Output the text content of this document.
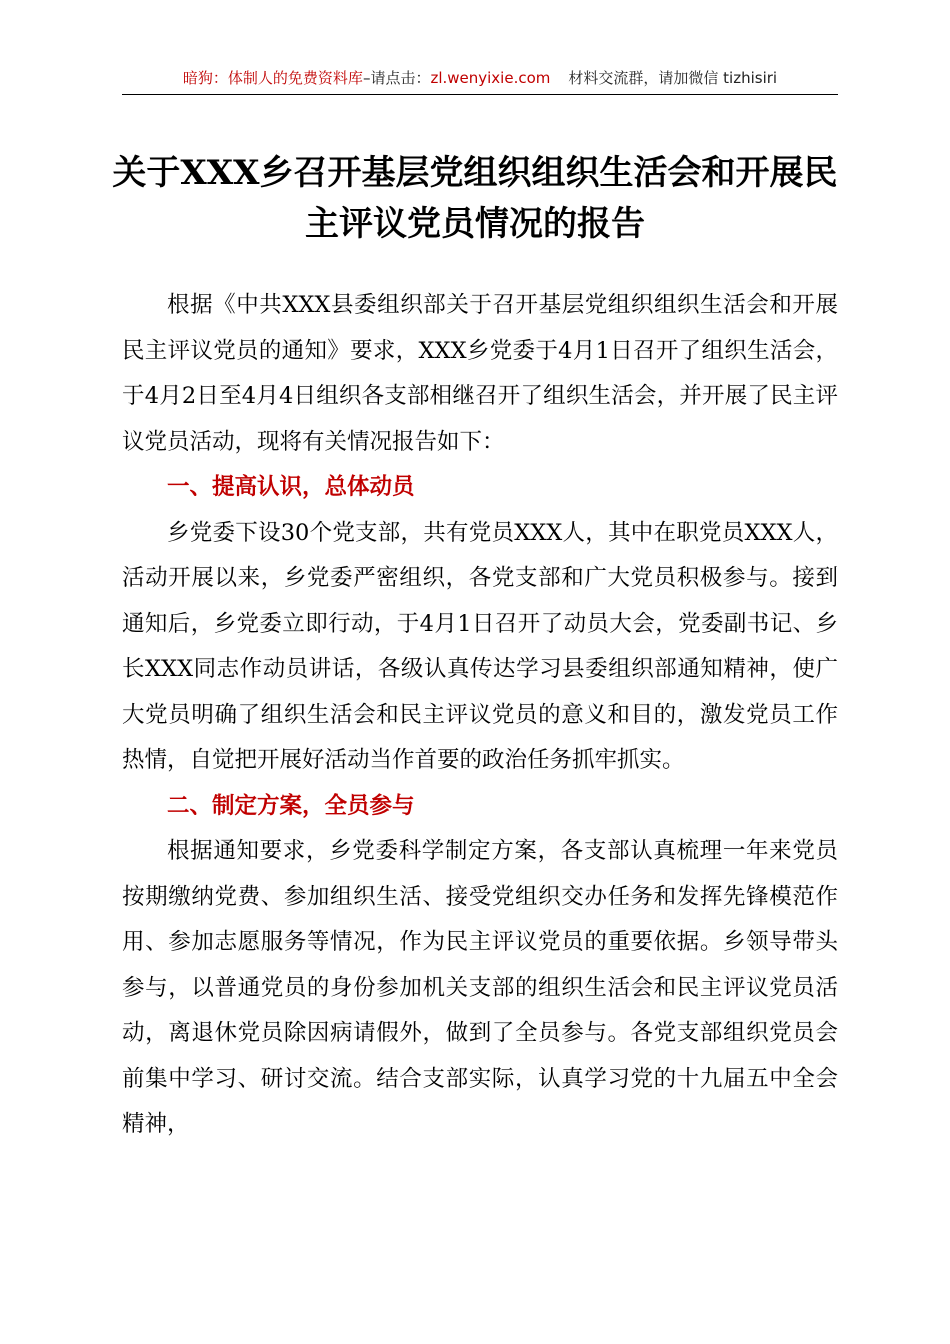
暗狗：体制人的免费资料库–请点击：zl.wenyixie.com 材料交流群，请加微信 tizhisiri
关于XXX乡召开基层党组织组织生活会和开展民主评议党员情况的报告

根据《中共XXX县委组织部关于召开基层党组织组织生活会和开展民主评议党员的通知》要求，XXX乡党委于4月1日召开了组织生活会，于4月2日至4月4日组织各支部相继召开了组织生活会，并开展了民主评议党员活动，现将有关情况报告如下：

一、提高认识，总体动员

乡党委下设30个党支部，共有党员XXX人，其中在职党员XXX人，活动开展以来，乡党委严密组织，各党支部和广大党员积极参与。接到通知后，乡党委立即行动，于4月1日召开了动员大会，党委副书记、乡长XXX同志作动员讲话，各级认真传达学习县委组织部通知精神，使广大党员明确了组织生活会和民主评议党员的意义和目的，激发党员工作热情，自觉把开展好活动当作首要的政治任务抓牢抓实。

二、制定方案，全员参与

根据通知要求，乡党委科学制定方案，各支部认真梳理一年来党员按期缴纳党费、参加组织生活、接受党组织交办任务和发挥先锋模范作用、参加志愿服务等情况，作为民主评议党员的重要依据。乡领导带头参与，以普通党员的身份参加机关支部的组织生活会和民主评议党员活动，离退休党员除因病请假外，做到了全员参与。各党支部组织党员会前集中学习、研讨交流。结合支部实际，认真学习党的十九届五中全会精神，
